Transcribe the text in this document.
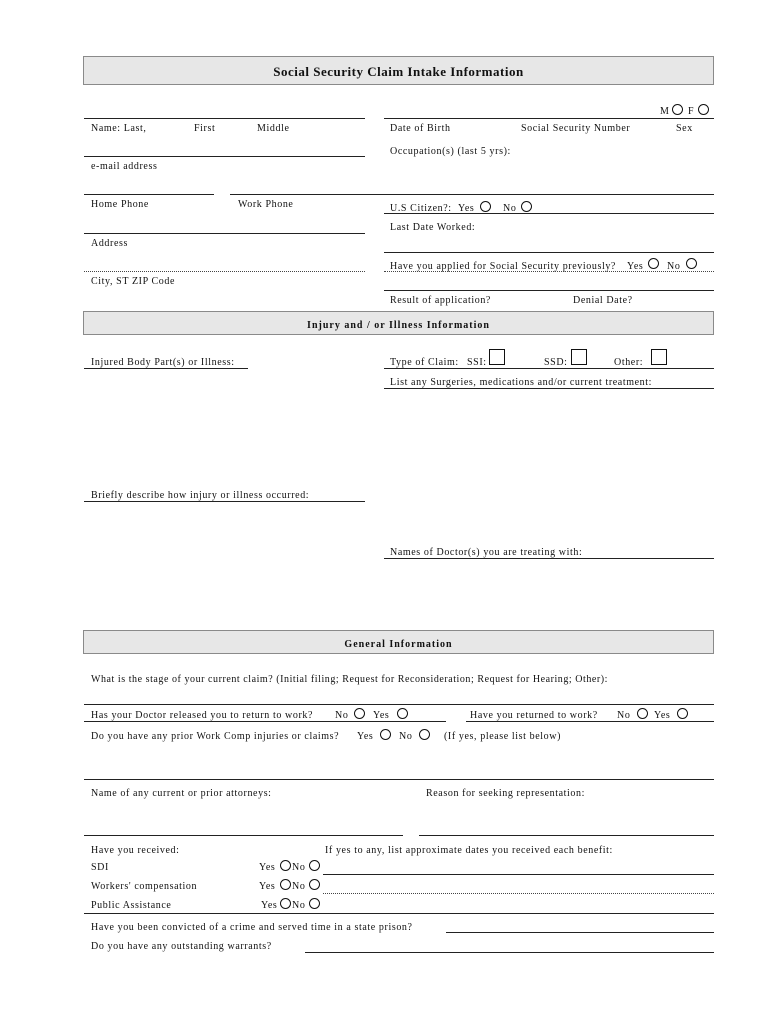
Social Security Claim Intake Information
M F
Name: Last,	First	Middle	Date of Birth	Social Security Number	Sex
Occupation(s) (last 5 yrs):
e-mail address
Home Phone	Work Phone	U.S Citizen?: Yes	No
Last Date Worked:
Address
Have you applied for Social Security previously? Yes No
City, ST ZIP Code
Result of application?	Denial Date?
Injury and / or Illness Information
Injured Body Part(s) or Illness:	Type of Claim: SSI:	SSD:	Other:
List any Surgeries, medications and/or current treatment:
Briefly describe how injury or illness occurred:
Names of Doctor(s) you are treating with:
General Information
What is the stage of your current claim? (Initial filing; Request for Reconsideration; Request for Hearing; Other):
Has your Doctor released you to return to work? No Yes	Have you returned to work? No Yes
Do you have any prior Work Comp injuries or claims? Yes	No	(If yes, please list below)
Name of any current or prior attorneys:	Reason for seeking representation:
Have you received:	If yes to any, list approximate dates you received each benefit:
SDI	Yes No
Workers' compensation	Yes No
Public Assistance	Yes No
Have you been convicted of a crime and served time in a state prison?
Do you have any outstanding warrants?
